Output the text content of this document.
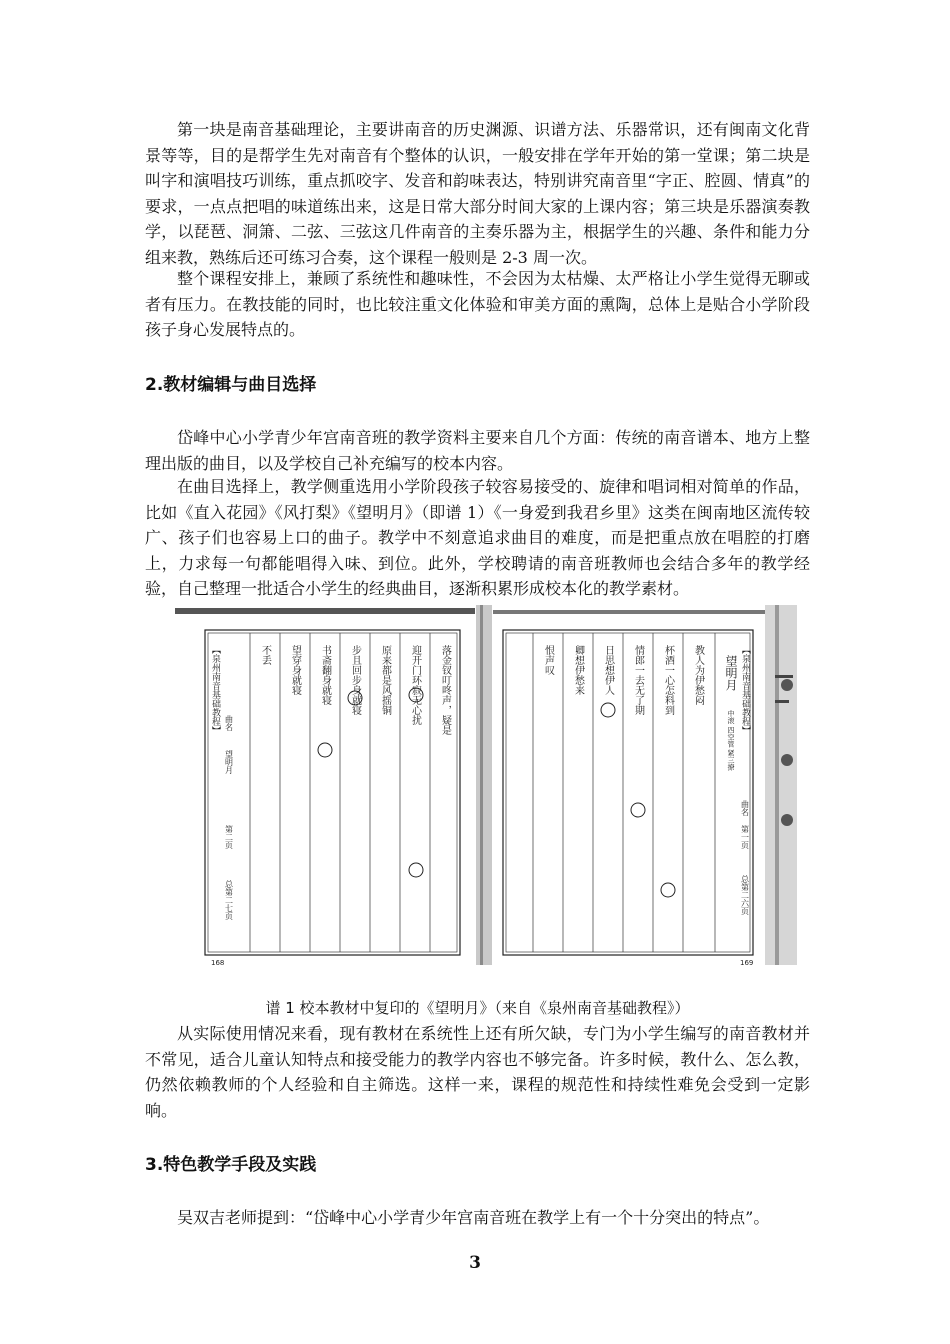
第一块是南音基础理论，主要讲南音的历史渊源、识谱方法、乐器常识，还有闽南文化背景等等，目的是帮学生先对南音有个整体的认识，一般安排在学年开始的第一堂课；第二块是叫字和演唱技巧训练，重点抓咬字、发音和韵味表达，特别讲究南音里“字正、腔圆、情真”的要求，一点点把唱的味道练出来，这是日常大部分时间大家的上课内容；第三块是乐器演奏教学，以琵琶、洞箫、二弦、三弦这几件南音的主奏乐器为主，根据学生的兴趣、条件和能力分组来教，熟练后还可练习合奏，这个课程一般则是 2-3 周一次。

整个课程安排上，兼顾了系统性和趣味性，不会因为太枯燥、太严格让小学生觉得无聊或者有压力。在教技能的同时，也比较注重文化体验和审美方面的熏陶，总体上是贴合小学阶段孩子身心发展特点的。

2.教材编辑与曲目选择

岱峰中心小学青少年宫南音班的教学资料主要来自几个方面：传统的南音谱本、地方上整理出版的曲目，以及学校自己补充编写的校本内容。

在曲目选择上，教学侧重选用小学阶段孩子较容易接受的、旋律和唱词相对简单的作品，比如《直入花园》《风打梨》《望明月》（即谱 1）《一身爱到我君乡里》这类在闽南地区流传较广、孩子们也容易上口的曲子。教学中不刻意追求曲目的难度，而是把重点放在唱腔的打磨上，力求每一句都能唱得入味、到位。此外，学校聘请的南音班教师也会结合多年的教学经验，自己整理一批适合小学生的经典曲目，逐渐积累形成校本化的教学素材。

【泉州南音基础教程】 曲名
望明月
第二页
总第二七页
168
不丢 望穿身就寝 书斋翻身就寝 步且回步身就寝 原来都是风摇铜 迎开门环寂无心扰 落金钗叮咚声，疑是	恨声叹 卿想伊愁来 日思想伊人 情郎一去无了期 杯酒一心怎料到 教人为伊愁闷 望明月
中滚 四空管 紧三撩
【泉州南音基础教程】
曲名
第一页
总第二六页
169

谱 1 校本教材中复印的《望明月》（来自《泉州南音基础教程》）

从实际使用情况来看，现有教材在系统性上还有所欠缺，专门为小学生编写的南音教材并不常见，适合儿童认知特点和接受能力的教学内容也不够完备。许多时候，教什么、怎么教，仍然依赖教师的个人经验和自主筛选。这样一来，课程的规范性和持续性难免会受到一定影响。

3.特色教学手段及实践

吴双吉老师提到：“岱峰中心小学青少年宫南音班在教学上有一个十分突出的特点”。

3
